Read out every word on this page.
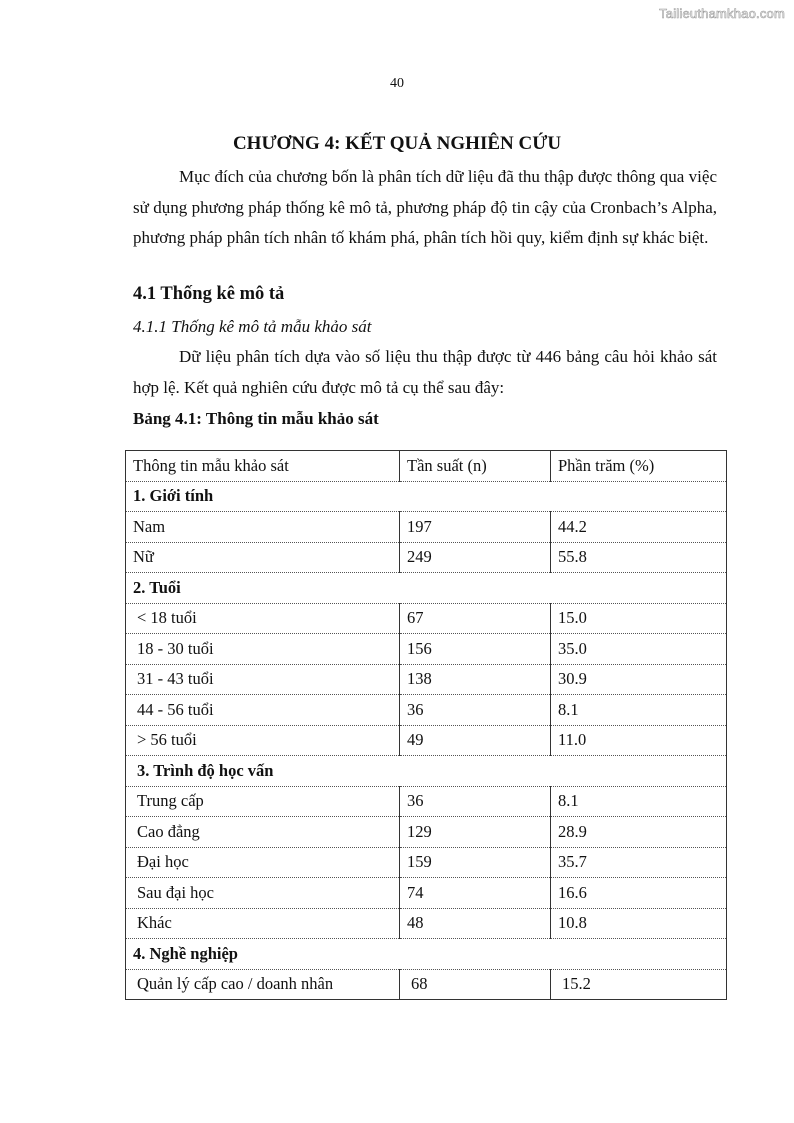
Tailieuthamkhao.com
40
CHƯƠNG 4: KẾT QUẢ NGHIÊN CỨU
Mục đích của chương bốn là phân tích dữ liệu đã thu thập được thông qua việc sử dụng phương pháp thống kê mô tả, phương pháp độ tin cậy của Cronbach’s Alpha, phương pháp phân tích nhân tố khám phá, phân tích hồi quy, kiểm định sự khác biệt.
4.1 Thống kê mô tả
4.1.1 Thống kê mô tả mẫu khảo sát
Dữ liệu phân tích dựa vào số liệu thu thập được từ 446 bảng câu hỏi khảo sát hợp lệ. Kết quả nghiên cứu được mô tả cụ thể sau đây:
Bảng 4.1: Thông tin mẫu khảo sát
Thông tin mẫu khảo sát	Tần suất (n)	Phần trăm (%)
1. Giới tính		
Nam	197	44.2
Nữ	249	55.8
2. Tuổi		
< 18 tuổi	67	15.0
18 - 30 tuổi	156	35.0
31 - 43 tuổi	138	30.9
44 - 56 tuổi	36	8.1
> 56 tuổi	49	11.0
3. Trình độ học vấn		
Trung cấp	36	8.1
Cao đẳng	129	28.9
Đại học	159	35.7
Sau đại học	74	16.6
Khác	48	10.8
4. Nghề nghiệp		
Quản lý cấp cao / doanh nhân	68	15.2
